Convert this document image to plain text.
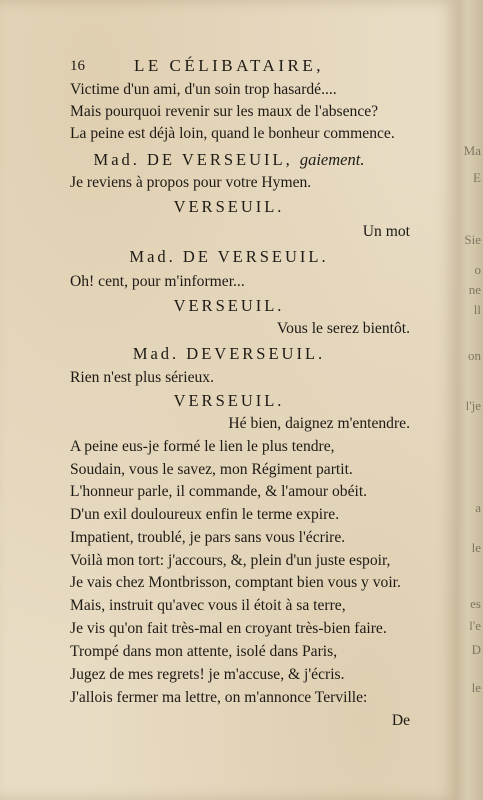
Ma
E
Sie
o
ne
ll
on
l'je
a
le
es
l'e
D
le
16	LE CÉLIBATAIRE,
Victime d'un ami, d'un soin trop hasardé....
Mais pourquoi revenir sur les maux de l'absence?
La peine est déjà loin, quand le bonheur commence.
Mad. DE VERSEUIL, gaiement.
Je reviens à propos pour votre Hymen.
VERSEUIL.
Un mot
Mad. DE VERSEUIL.
Oh! cent, pour m'informer...
VERSEUIL.
Vous le serez bientôt.
Mad. DEVERSEUIL.
Rien n'est plus sérieux.
VERSEUIL.
Hé bien, daignez m'entendre.
A peine eus-je formé le lien le plus tendre,
Soudain, vous le savez, mon Régiment partit.
L'honneur parle, il commande, & l'amour obéit.
D'un exil douloureux enfin le terme expire.
Impatient, troublé, je pars sans vous l'écrire.
Voilà mon tort: j'accours, &, plein d'un juste espoir,
Je vais chez Montbrisson, comptant bien vous y voir.
Mais, instruit qu'avec vous il étoit à sa terre,
Je vis qu'on fait très-mal en croyant très-bien faire.
Trompé dans mon attente, isolé dans Paris,
Jugez de mes regrets! je m'accuse, & j'écris.
J'allois fermer ma lettre, on m'annonce Terville:
De
